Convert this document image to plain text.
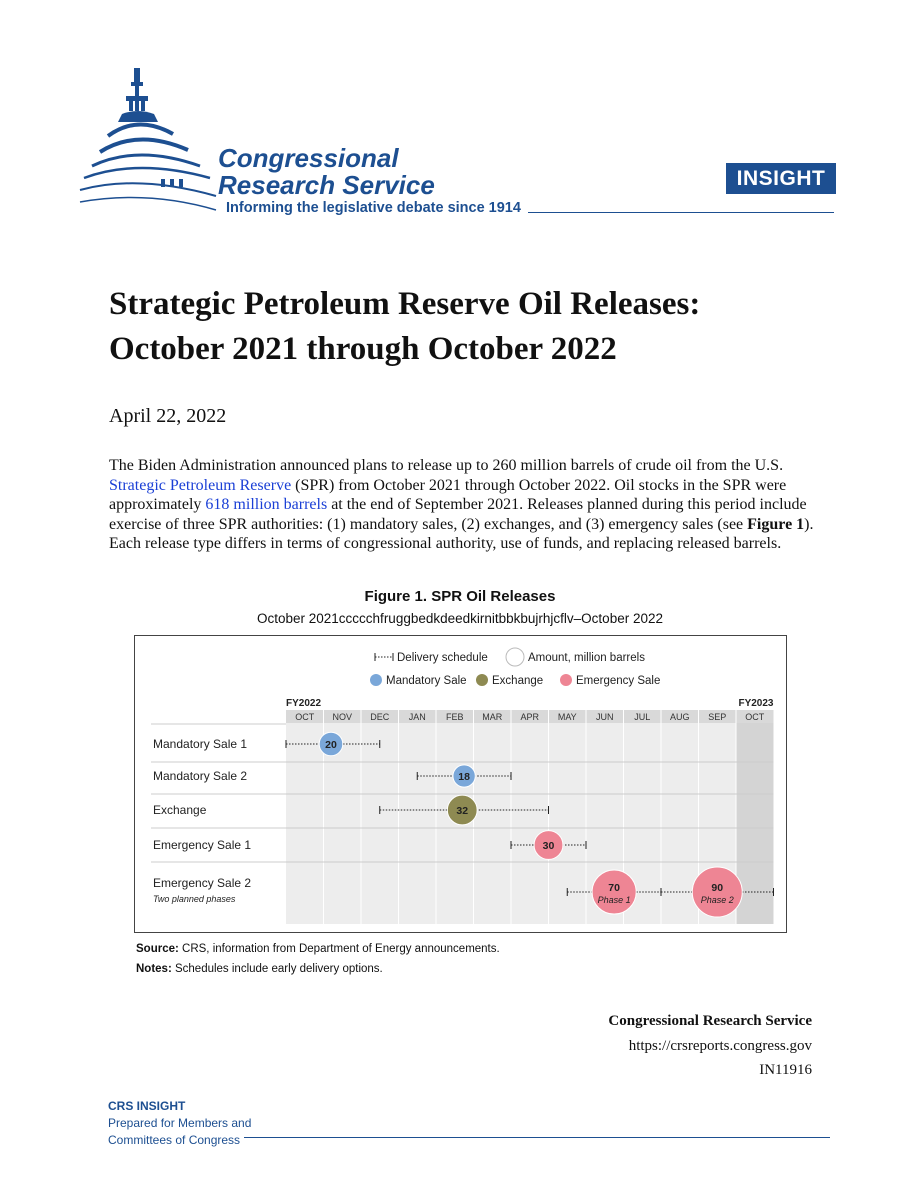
Congressional
Research Service
Informing the legislative debate since 1914
INSIGHT
Strategic Petroleum Reserve Oil Releases:
October 2021 through October 2022
April 22, 2022
The Biden Administration announced plans to release up to 260 million barrels of crude oil from the U.S. Strategic Petroleum Reserve (SPR) from October 2021 through October 2022. Oil stocks in the SPR were approximately 618 million barrels at the end of September 2021. Releases planned during this period include exercise of three SPR authorities: (1) mandatory sales, (2) exchanges, and (3) emergency sales (see Figure 1). Each release type differs in terms of congressional authority, use of funds, and replacing released barrels.
Figure 1. SPR Oil Releases
October 2021ccccchfruggbedkdeedkirnitbbkbujrhjcflv–October 2022
Delivery schedule	Amount, million barrels
Mandatory Sale Exchange	Emergency Sale
FY2022	FY2023
OCT NOV DEC JAN FEB MAR APR MAY JUN JUL AUG SEP OCT
Mandatory Sale 1	20
Mandatory Sale 2	18
Exchange	32
Emergency Sale 1	30
Emergency Sale 2
Two planned phases
70
Phase 1
90
Phase 2
Source: CRS, information from Department of Energy announcements.
Notes: Schedules include early delivery options.
Congressional Research Service
https://crsreports.congress.gov
IN11916
CRS INSIGHT
Prepared for Members and
Committees of Congress
